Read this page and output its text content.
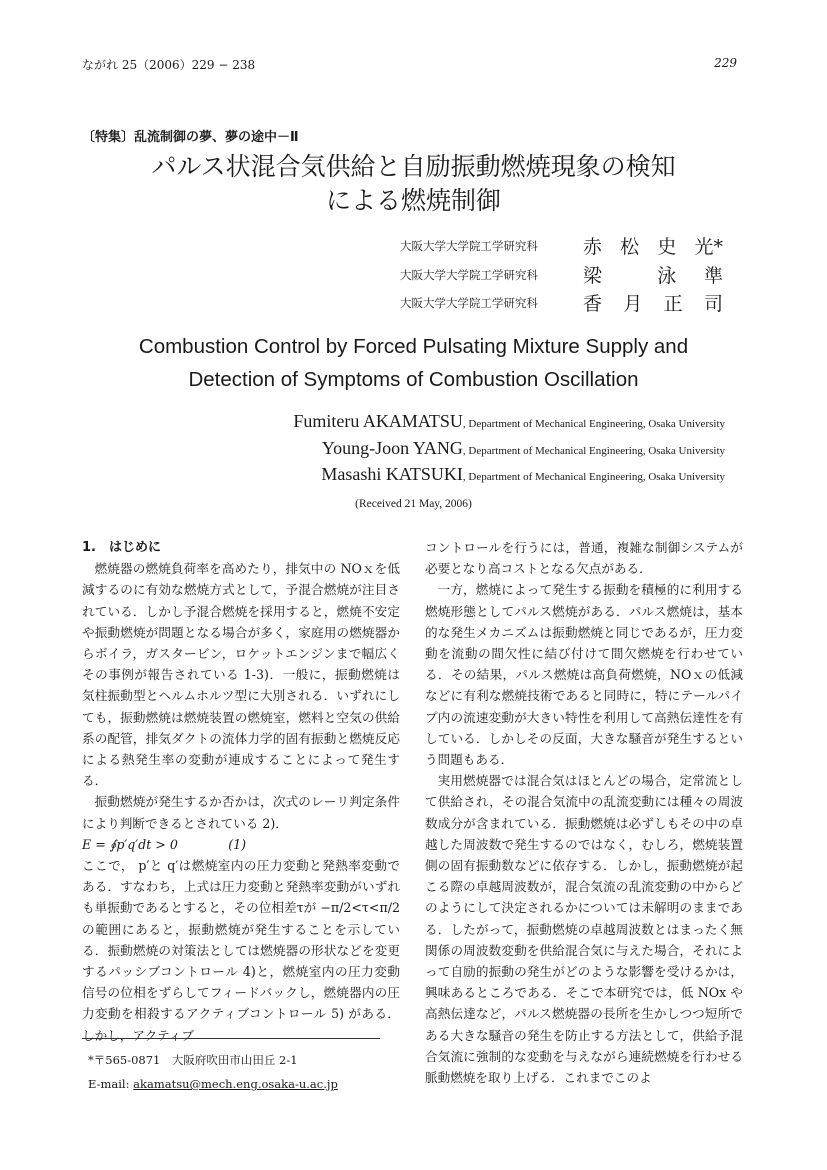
ながれ 25（2006）229 − 238	229
〔特集〕乱流制御の夢、夢の途中－Ⅱ
パルス状混合気供給と自励振動燃焼現象の検知
による燃焼制御
大阪大学大学院工学研究科 赤 松 史 光*
大阪大学大学院工学研究科 梁	泳 準
大阪大学大学院工学研究科 香 月 正 司
Combustion Control by Forced Pulsating Mixture Supply and
Detection of Symptoms of Combustion Oscillation
Fumiteru AKAMATSU, Department of Mechanical Engineering, Osaka University
Young-Joon YANG, Department of Mechanical Engineering, Osaka University
Masashi KATSUKI, Department of Mechanical Engineering, Osaka University
(Received 21 May, 2006)

1.　はじめに

燃焼器の燃焼負荷率を高めたり，排気中の NOｘを低減するのに有効な燃焼方式として，予混合燃焼が注目されている．しかし予混合燃焼を採用すると，燃焼不安定や振動燃焼が問題となる場合が多く，家庭用の燃焼器からボイラ，ガスタービン，ロケットエンジンまで幅広くその事例が報告されている 1-3)．一般に，振動燃焼は気柱振動型とヘルムホルツ型に大別される．いずれにしても，振動燃焼は燃焼装置の燃焼室，燃料と空気の供給系の配管，排気ダクトの流体力学的固有振動と燃焼反応による熱発生率の変動が連成することによって発生する．

振動燃焼が発生するか否かは，次式のレーリ判定条件により判断できるとされている 2)．

E = ∮p′q′dt > 0　　　　(1)

ここで， p′と q′は燃焼室内の圧力変動と発熱率変動である．すなわち，上式は圧力変動と発熱率変動がいずれも単振動であるとすると，その位相差τが −π/2<τ<π/2 の範囲にあると，振動燃焼が発生することを示している．振動燃焼の対策法としては燃焼器の形状などを変更するパッシブコントロール 4)と，燃焼室内の圧力変動信号の位相をずらしてフィードバックし，燃焼器内の圧力変動を相殺するアクティブコントロール 5) がある．しかし，アクティブ

コントロールを行うには，普通，複雑な制御システムが必要となり高コストとなる欠点がある．

一方，燃焼によって発生する振動を積極的に利用する燃焼形態としてパルス燃焼がある．パルス燃焼は，基本的な発生メカニズムは振動燃焼と同じであるが，圧力変動を流動の間欠性に結び付けて間欠燃焼を行わせている．その結果，パルス燃焼は高負荷燃焼，NOｘの低減などに有利な燃焼技術であると同時に，特にテールパイプ内の流速変動が大きい特性を利用して高熱伝達性を有している．しかしその反面，大きな騒音が発生するという問題もある．

実用燃焼器では混合気はほとんどの場合，定常流として供給され，その混合気流中の乱流変動には種々の周波数成分が含まれている．振動燃焼は必ずしもその中の卓越した周波数で発生するのではなく，むしろ，燃焼装置側の固有振動数などに依存する．しかし，振動燃焼が起こる際の卓越周波数が，混合気流の乱流変動の中からどのようにして決定されるかについては未解明のままである．したがって，振動燃焼の卓越周波数とはまったく無関係の周波数変動を供給混合気に与えた場合，それによって自励的振動の発生がどのような影響を受けるかは，興味あるところである．そこで本研究では，低 NOx や高熱伝達など，パルス燃焼器の長所を生かしつつ短所である大きな騒音の発生を防止する方法として，供給予混合気流に強制的な変動を与えながら連続燃焼を行わせる脈動燃焼を取り上げる．これまでこのよ

*〒565-0871　大阪府吹田市山田丘 2-1
E-mail: akamatsu@mech.eng.osaka-u.ac.jp
